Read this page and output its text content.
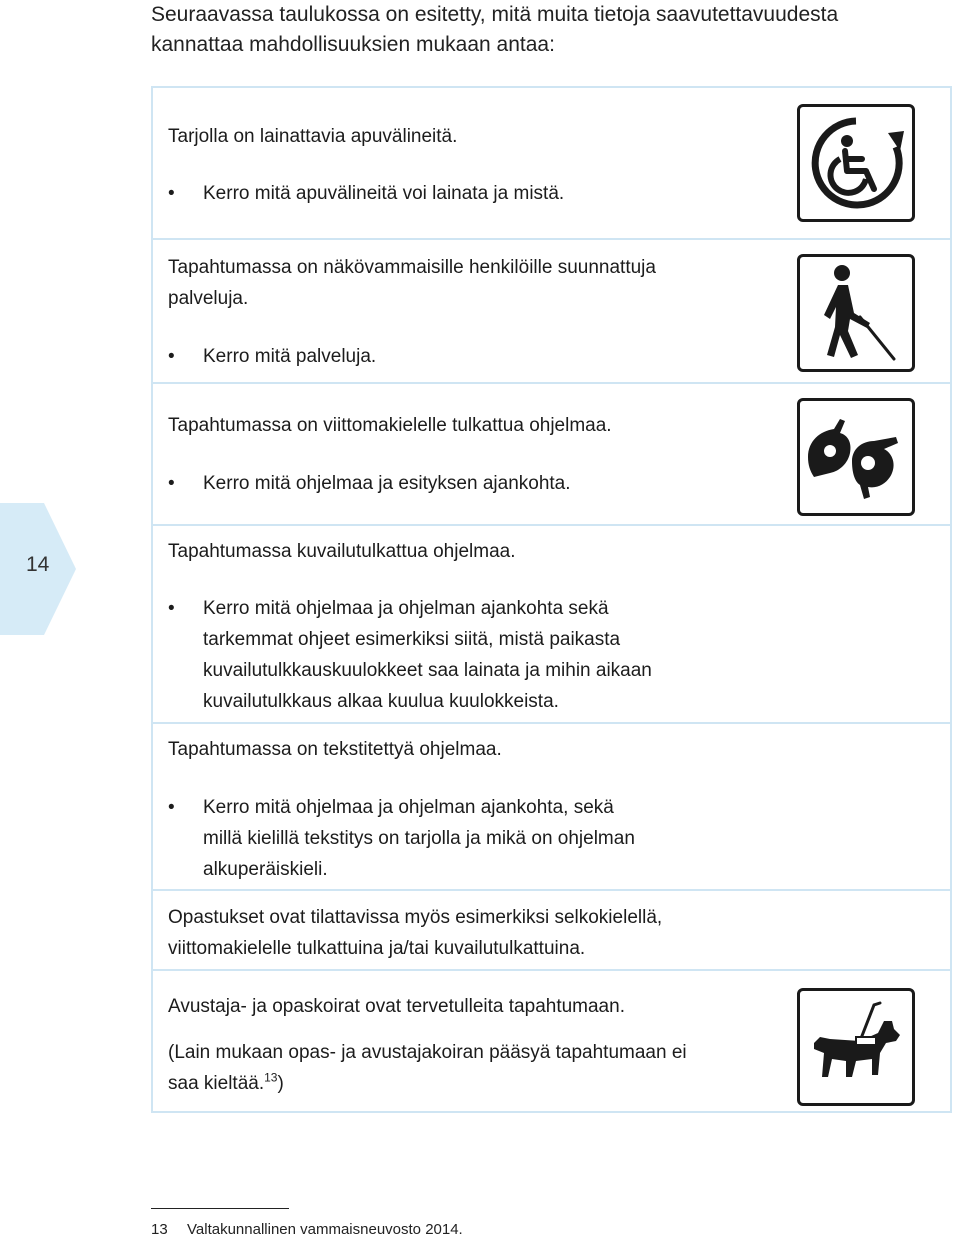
Seuraavassa taulukossa on esitetty, mitä muita tietoja saavutettavuudesta
kannattaa mahdollisuuksien mukaan antaa:
14
Tarjolla on lainattavia apuvälineitä.
•	Kerro mitä apuvälineitä voi lainata ja mistä.
Tapahtumassa on näkövammaisille henkilöille suunnattuja
palveluja.
•	Kerro mitä palveluja.
Tapahtumassa on viittomakielelle tulkattua ohjelmaa.
•	Kerro mitä ohjelmaa ja esityksen ajankohta.
Tapahtumassa kuvailutulkattua ohjelmaa.
•	Kerro mitä ohjelmaa ja ohjelman ajankohta sekä
tarkemmat ohjeet esimerkiksi siitä, mistä paikasta
kuvailutulkkauskuulokkeet saa lainata ja mihin aikaan
kuvailutulkkaus alkaa kuulua kuulokkeista.
Tapahtumassa on tekstitettyä ohjelmaa.
•	Kerro mitä ohjelmaa ja ohjelman ajankohta, sekä
millä kielillä tekstitys on tarjolla ja mikä on ohjelman
alkuperäiskieli.
Opastukset ovat tilattavissa myös esimerkiksi selkokielellä,
viittomakielelle tulkattuina ja/tai kuvailutulkattuina.
Avustaja- ja opaskoirat ovat tervetulleita tapahtumaan.
(Lain mukaan opas- ja avustajakoiran pääsyä tapahtumaan ei
saa kieltää.$^{13}$)
13 Valtakunnallinen vammaisneuvosto 2014.
